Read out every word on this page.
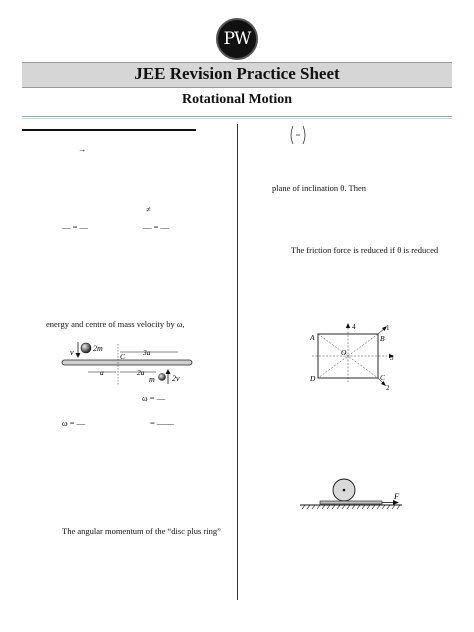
PW
JEE Revision Practice Sheet
Rotational Motion
→
≠
— = —	— = —
energy and centre of mass velocity by ω,
v 2m
C 3a
a	2a
m 2v
ω = —
ω = —	= ——
The angular momentum of the “disc plus ring”
plane of inclination θ. Then
The friction force is reduced if θ is reduced
A	B
C
D
O
4	1
3
2
F
